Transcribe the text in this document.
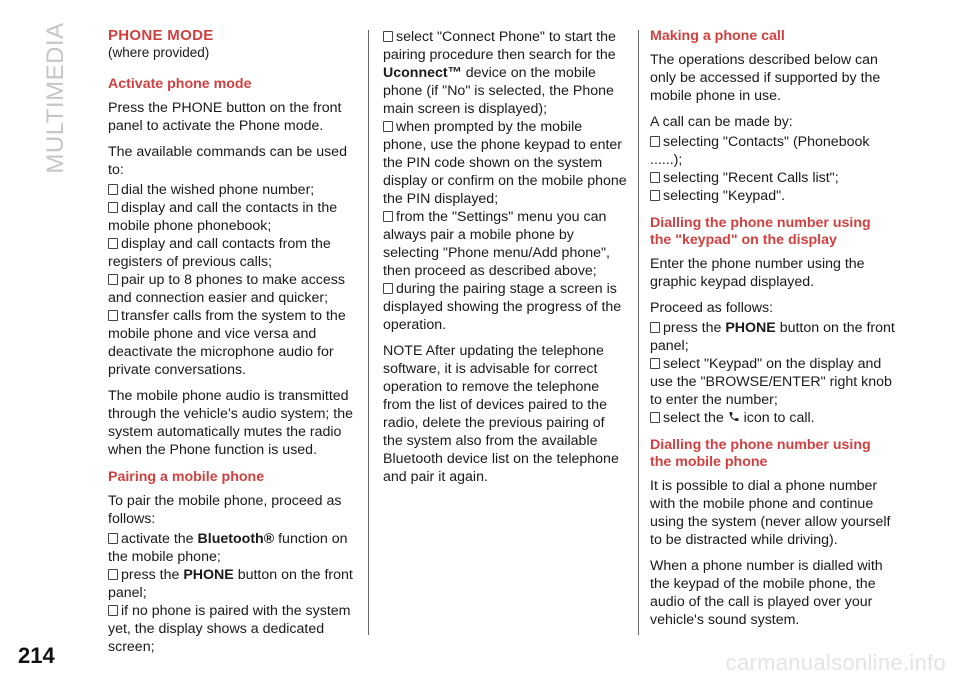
MULTIMEDIA	PHONE MODE
(where provided)
Activate phone mode

Press the PHONE button on the front panel to activate the Phone mode.

The available commands can be used to:

dial the wished phone number;
display and call the contacts in the mobile phone phonebook;
display and call contacts from the registers of previous calls;
pair up to 8 phones to make access and connection easier and quicker;
transfer calls from the system to the mobile phone and vice versa and deactivate the microphone audio for private conversations.

The mobile phone audio is transmitted through the vehicle’s audio system; the system automatically mutes the radio when the Phone function is used.

Pairing a mobile phone

To pair the mobile phone, proceed as follows:

activate the Bluetooth® function on the mobile phone;
press the PHONE button on the front panel;
if no phone is paired with the system yet, the display shows a dedicated screen;
select "Connect Phone" to start the pairing procedure then search for the Uconnect™ device on the mobile phone (if "No" is selected, the Phone main screen is displayed);
when prompted by the mobile phone, use the phone keypad to enter the PIN code shown on the system display or confirm on the mobile phone the PIN displayed;
from the "Settings" menu you can always pair a mobile phone by selecting "Phone menu/Add phone", then proceed as described above;
during the pairing stage a screen is displayed showing the progress of the operation.

NOTE After updating the telephone software, it is advisable for correct operation to remove the telephone from the list of devices paired to the radio, delete the previous pairing of the system also from the available Bluetooth device list on the telephone and pair it again.

Making a phone call

The operations described below can only be accessed if supported by the mobile phone in use.

A call can be made by:

selecting "Contacts" (Phonebook ......);
selecting "Recent Calls list";
selecting "Keypad".
Dialling the phone number using the "keypad" on the display

Enter the phone number using the graphic keypad displayed.

Proceed as follows:

press the PHONE button on the front panel;
select "Keypad" on the display and use the "BROWSE/ENTER" right knob to enter the number;
select the  icon to call.
Dialling the phone number using the mobile phone

It is possible to dial a phone number with the mobile phone and continue using the system (never allow yourself to be distracted while driving).

When a phone number is dialled with the keypad of the mobile phone, the audio of the call is played over your vehicle's sound system.

214	carmanualsonline.info
